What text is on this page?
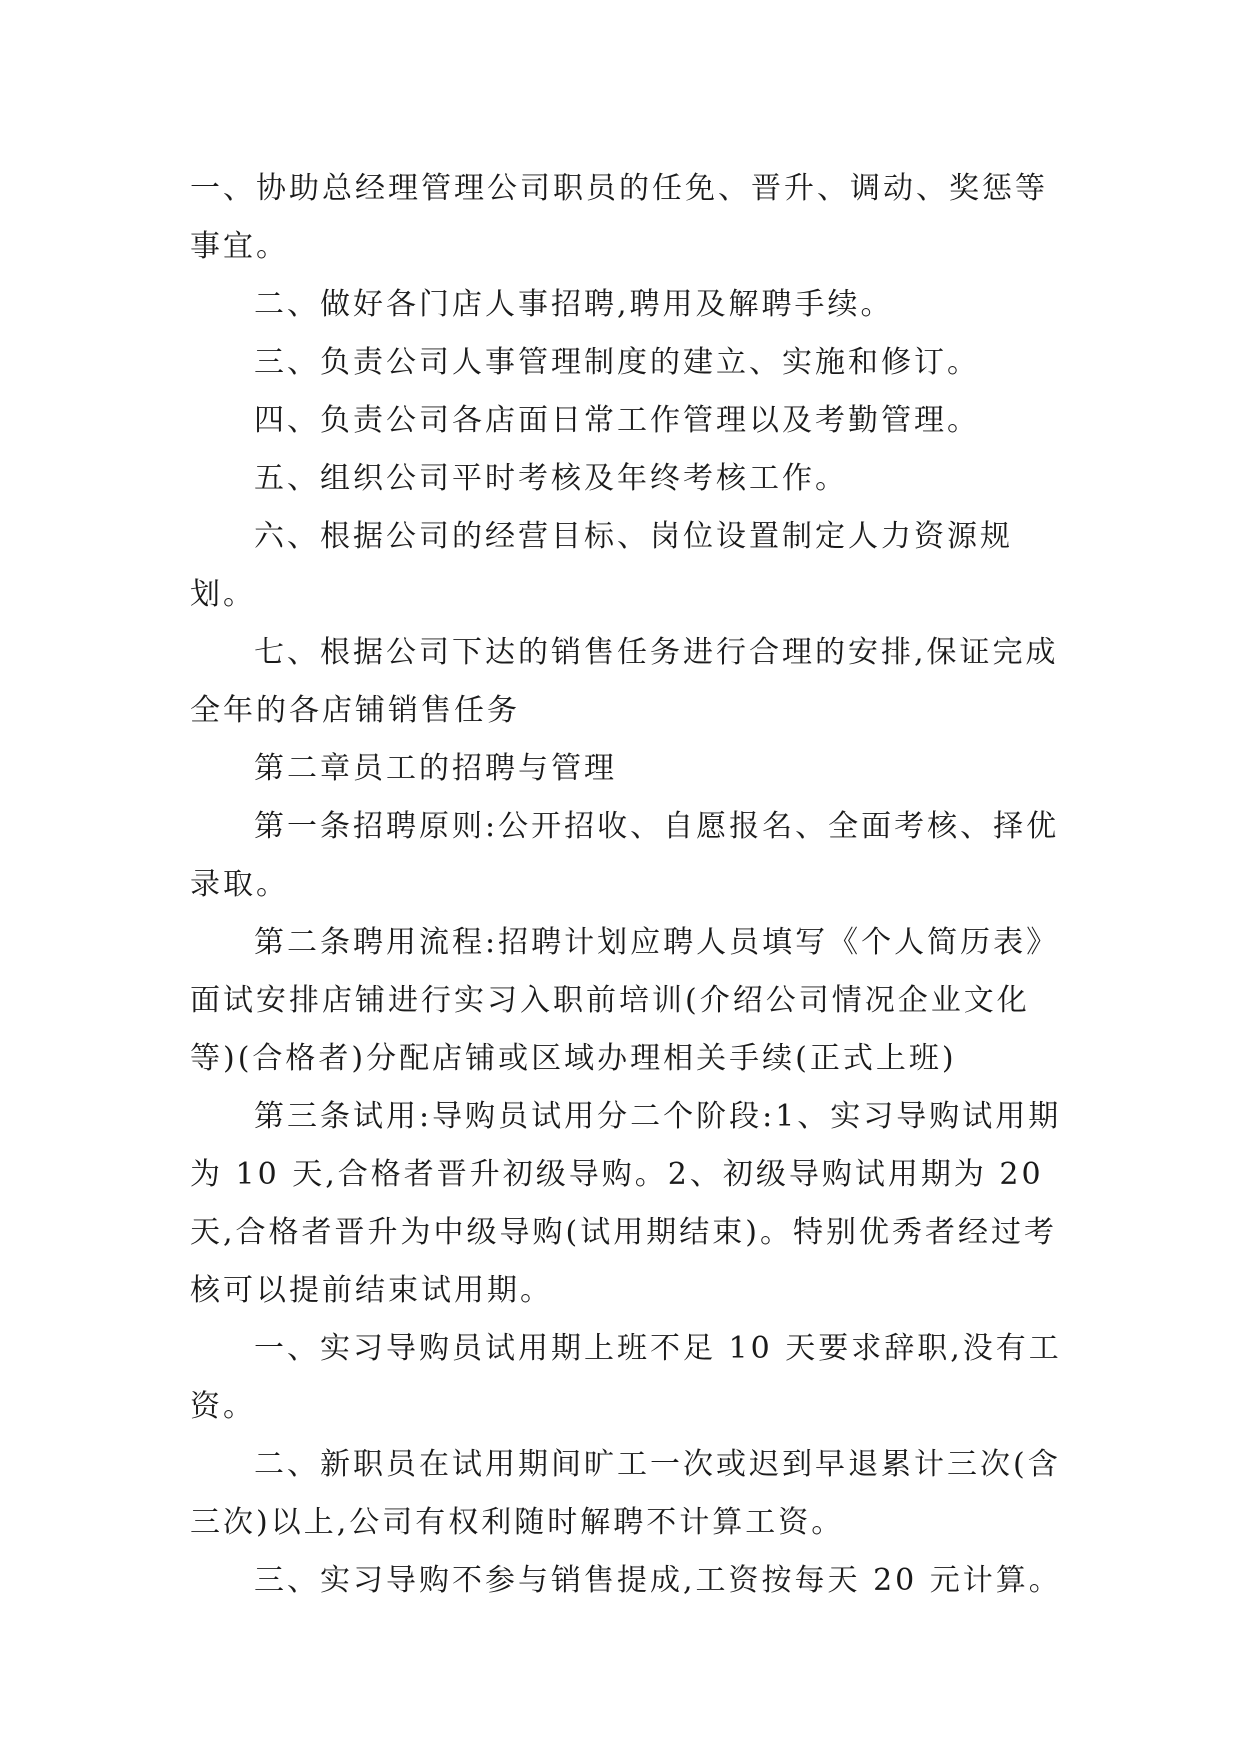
一、协助总经理管理公司职员的任免、晋升、调动、奖惩等事宜。

二、做好各门店人事招聘,聘用及解聘手续。

三、负责公司人事管理制度的建立、实施和修订。

四、负责公司各店面日常工作管理以及考勤管理。

五、组织公司平时考核及年终考核工作。

六、根据公司的经营目标、岗位设置制定人力资源规划。

七、根据公司下达的销售任务进行合理的安排,保证完成全年的各店铺销售任务

第二章员工的招聘与管理

第一条招聘原则:公开招收、自愿报名、全面考核、择优录取。

第二条聘用流程:招聘计划应聘人员填写《个人简历表》面试安排店铺进行实习入职前培训(介绍公司情况企业文化等)(合格者)分配店铺或区域办理相关手续(正式上班)

第三条试用:导购员试用分二个阶段:1、实习导购试用期为 10 天,合格者晋升初级导购。2、初级导购试用期为 20 天,合格者晋升为中级导购(试用期结束)。特别优秀者经过考核可以提前结束试用期。

一、实习导购员试用期上班不足 10 天要求辞职,没有工资。

二、新职员在试用期间旷工一次或迟到早退累计三次(含三次)以上,公司有权利随时解聘不计算工资。

三、实习导购不参与销售提成,工资按每天 20 元计算。
